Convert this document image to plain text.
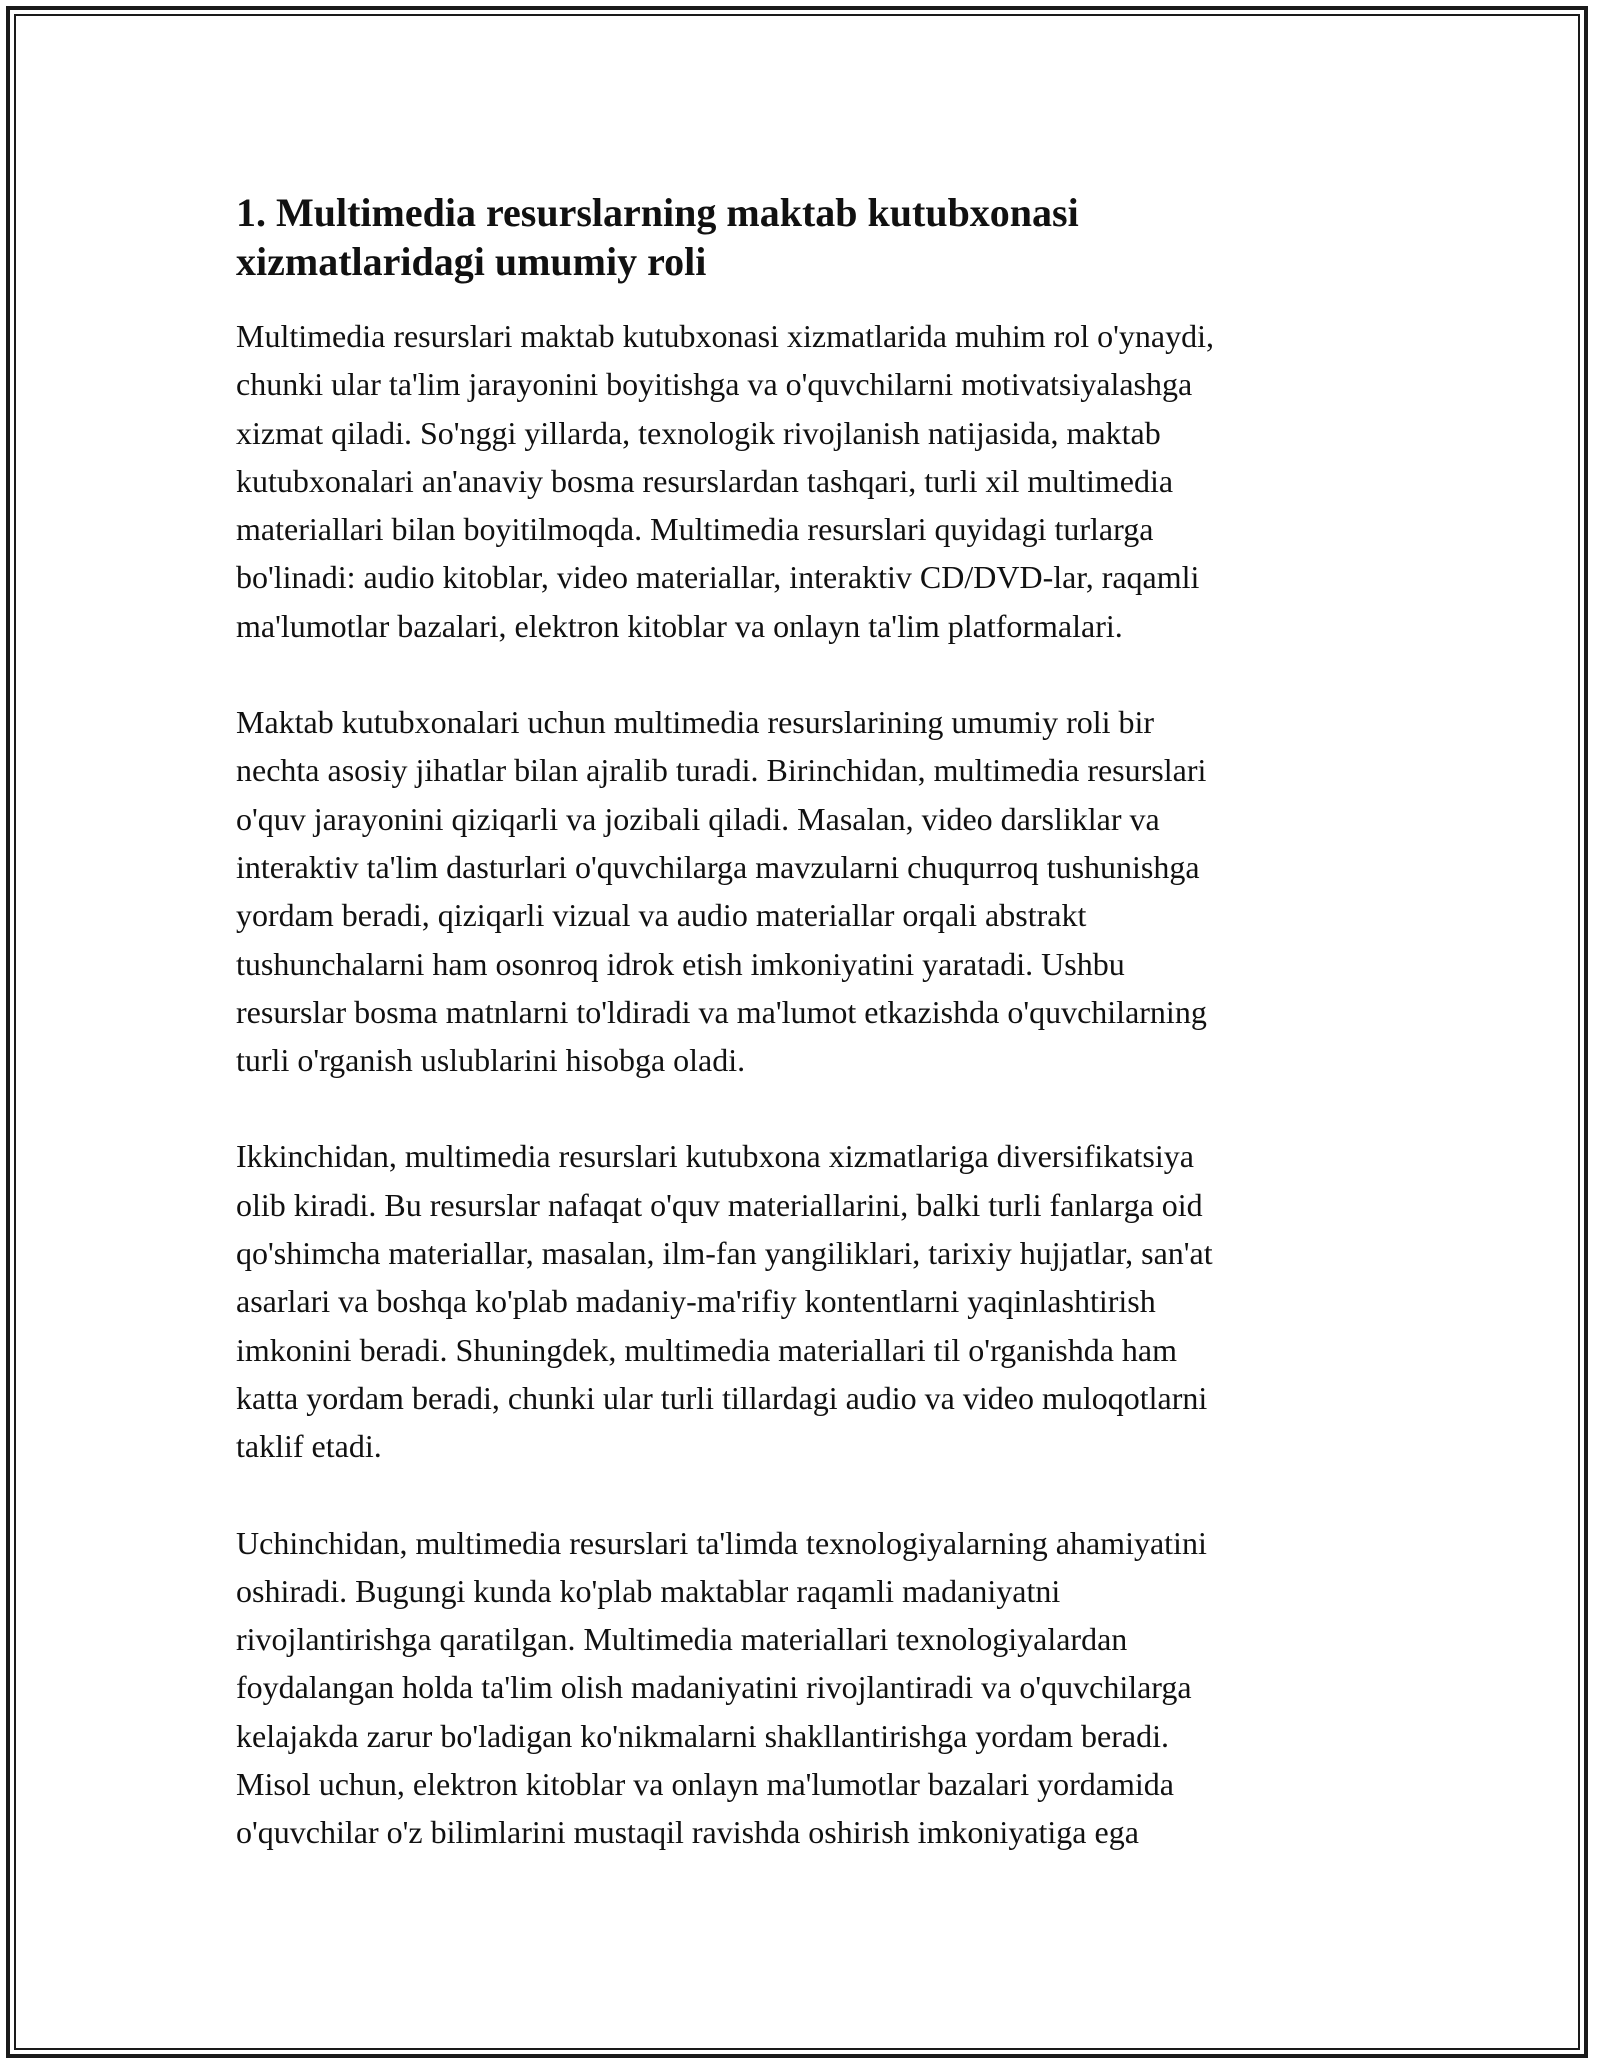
1. Multimedia resurslarning maktab kutubxonasi
xizmatlaridagi umumiy roli

Multimedia resurslari maktab kutubxonasi xizmatlarida muhim rol o'ynaydi,
chunki ular ta'lim jarayonini boyitishga va o'quvchilarni motivatsiyalashga
xizmat qiladi. So'nggi yillarda, texnologik rivojlanish natijasida, maktab
kutubxonalari an'anaviy bosma resurslardan tashqari, turli xil multimedia
materiallari bilan boyitilmoqda. Multimedia resurslari quyidagi turlarga
bo'linadi: audio kitoblar, video materiallar, interaktiv CD/DVD-lar, raqamli
ma'lumotlar bazalari, elektron kitoblar va onlayn ta'lim platformalari.

Maktab kutubxonalari uchun multimedia resurslarining umumiy roli bir
nechta asosiy jihatlar bilan ajralib turadi. Birinchidan, multimedia resurslari
o'quv jarayonini qiziqarli va jozibali qiladi. Masalan, video darsliklar va
interaktiv ta'lim dasturlari o'quvchilarga mavzularni chuqurroq tushunishga
yordam beradi, qiziqarli vizual va audio materiallar orqali abstrakt
tushunchalarni ham osonroq idrok etish imkoniyatini yaratadi. Ushbu
resurslar bosma matnlarni to'ldiradi va ma'lumot etkazishda o'quvchilarning
turli o'rganish uslublarini hisobga oladi.

Ikkinchidan, multimedia resurslari kutubxona xizmatlariga diversifikatsiya
olib kiradi. Bu resurslar nafaqat o'quv materiallarini, balki turli fanlarga oid
qo'shimcha materiallar, masalan, ilm-fan yangiliklari, tarixiy hujjatlar, san'at
asarlari va boshqa ko'plab madaniy-ma'rifiy kontentlarni yaqinlashtirish
imkonini beradi. Shuningdek, multimedia materiallari til o'rganishda ham
katta yordam beradi, chunki ular turli tillardagi audio va video muloqotlarni
taklif etadi.

Uchinchidan, multimedia resurslari ta'limda texnologiyalarning ahamiyatini
oshiradi. Bugungi kunda ko'plab maktablar raqamli madaniyatni
rivojlantirishga qaratilgan. Multimedia materiallari texnologiyalardan
foydalangan holda ta'lim olish madaniyatini rivojlantiradi va o'quvchilarga
kelajakda zarur bo'ladigan ko'nikmalarni shakllantirishga yordam beradi.
Misol uchun, elektron kitoblar va onlayn ma'lumotlar bazalari yordamida
o'quvchilar o'z bilimlarini mustaqil ravishda oshirish imkoniyatiga ega
